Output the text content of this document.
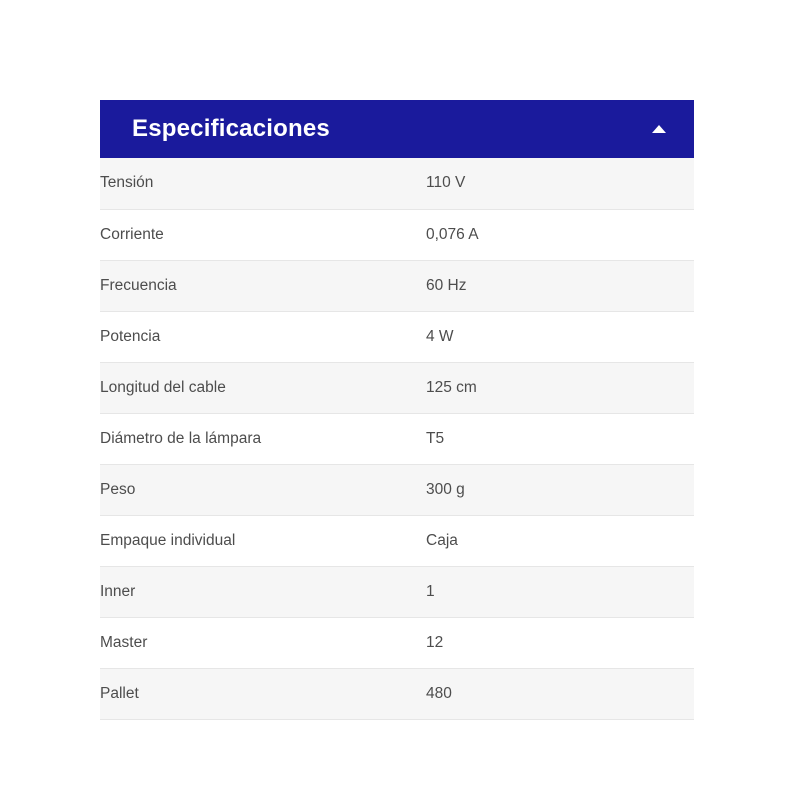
Especificaciones
Tensión	110 V
Corriente	0,076 A
Frecuencia	60 Hz
Potencia	4 W
Longitud del cable	125 cm
Diámetro de la lámpara	T5
Peso	300 g
Empaque individual	Caja
Inner	1
Master	12
Pallet	480
